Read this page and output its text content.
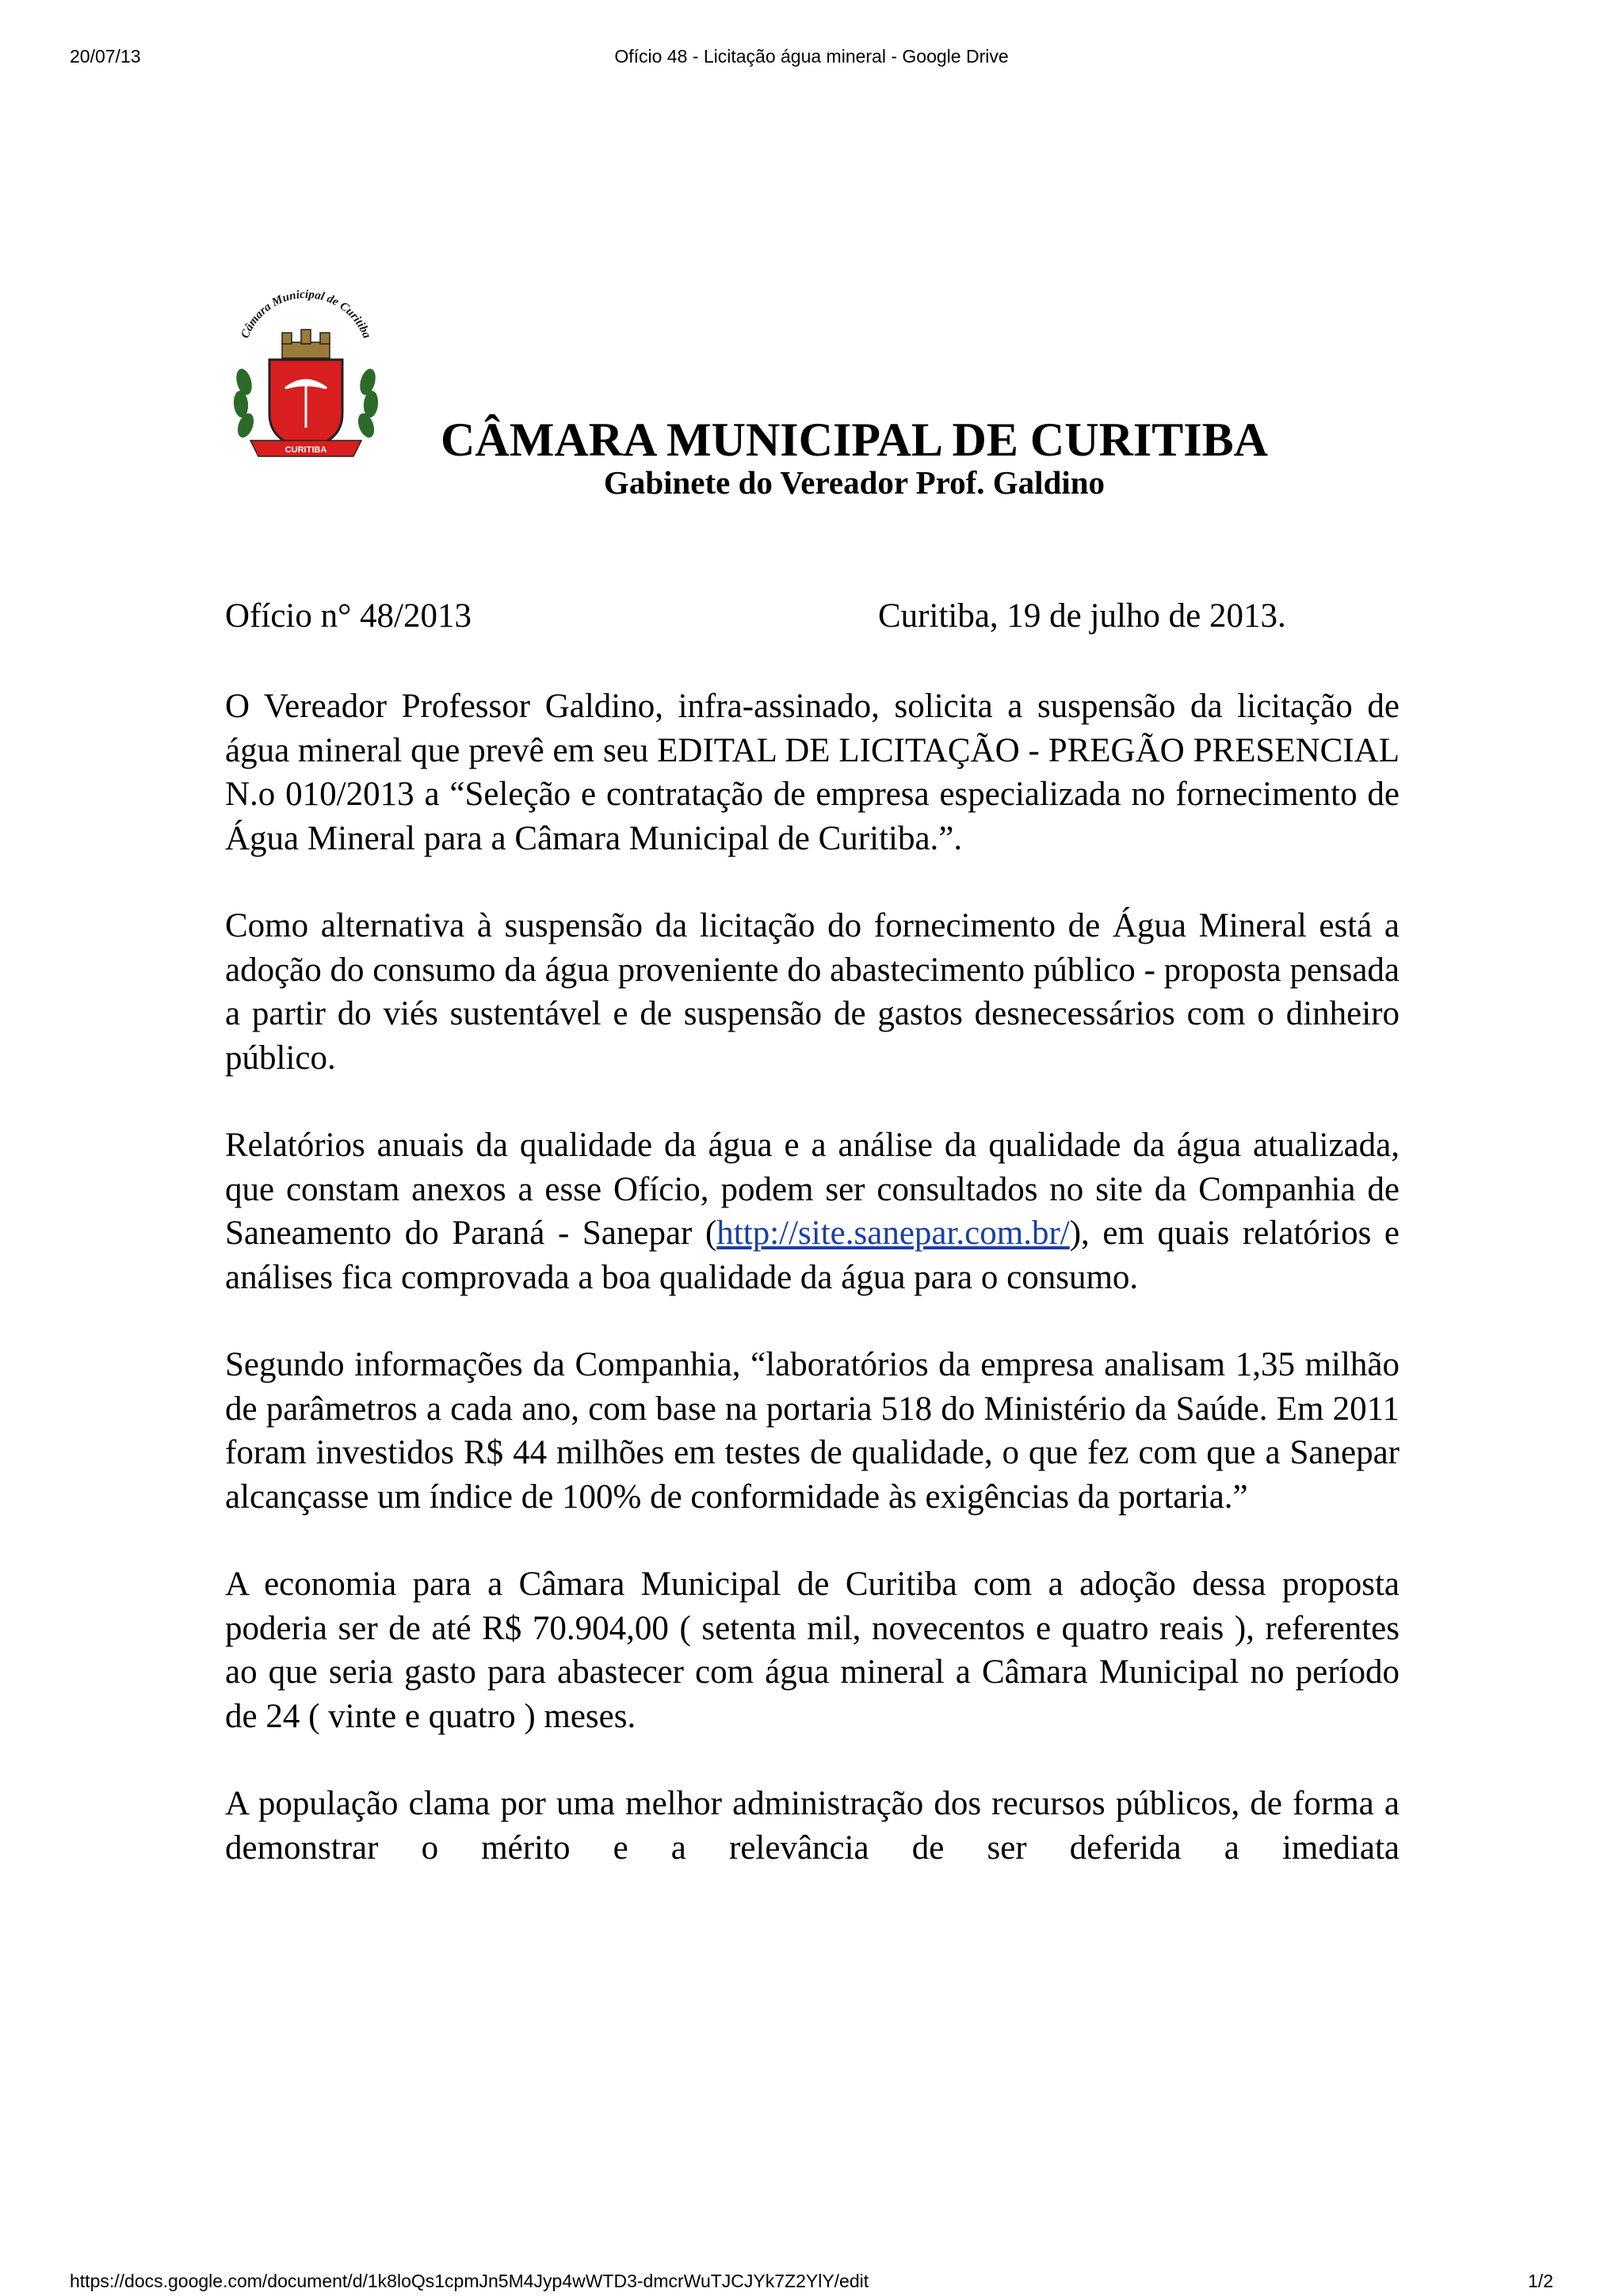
20/07/13	Ofício 48 - Licitação água mineral - Google Drive
Câmara Municipal de Curitiba
CURITIBA CÂMARA MUNICIPAL DE CURITIBA
Gabinete do Vereador Prof. Galdino
Ofício n° 48/2013	Curitiba, 19 de julho de 2013.

O Vereador Professor Galdino, infra-assinado, solicita a suspensão da licitação de água mineral que prevê em seu EDITAL DE LICITAÇÃO - PREGÃO PRESENCIAL N.o 010/2013 a “Seleção e contratação de empresa especializada no fornecimento de Água Mineral para a Câmara Municipal de Curitiba.”.

Como alternativa à suspensão da licitação do fornecimento de Água Mineral está a adoção do consumo da água proveniente do abastecimento público - proposta pensada a partir do viés sustentável e de suspensão de gastos desnecessários com o dinheiro público.

Relatórios anuais da qualidade da água e a análise da qualidade da água atualizada, que constam anexos a esse Ofício, podem ser consultados no site da Companhia de Saneamento do Paraná - Sanepar (http://site.sanepar.com.br/), em quais relatórios e análises fica comprovada a boa qualidade da água para o consumo.

Segundo informações da Companhia, “laboratórios da empresa analisam 1,35 milhão de parâmetros a cada ano, com base na portaria 518 do Ministério da Saúde. Em 2011 foram investidos R$ 44 milhões em testes de qualidade, o que fez com que a Sanepar alcançasse um índice de 100% de conformidade às exigências da portaria.”

A economia para a Câmara Municipal de Curitiba com a adoção dessa proposta poderia ser de até R$ 70.904,00 ( setenta mil, novecentos e quatro reais ), referentes ao que seria gasto para abastecer com água mineral a Câmara Municipal no período de 24 ( vinte e quatro ) meses.

A população clama por uma melhor administração dos recursos públicos, de forma a demonstrar o mérito e a relevância de ser deferida a imediata

https://docs.google.com/document/d/1k8loQs1cpmJn5M4Jyp4wWTD3-dmcrWuTJCJYk7Z2YlY/edit	1/2
